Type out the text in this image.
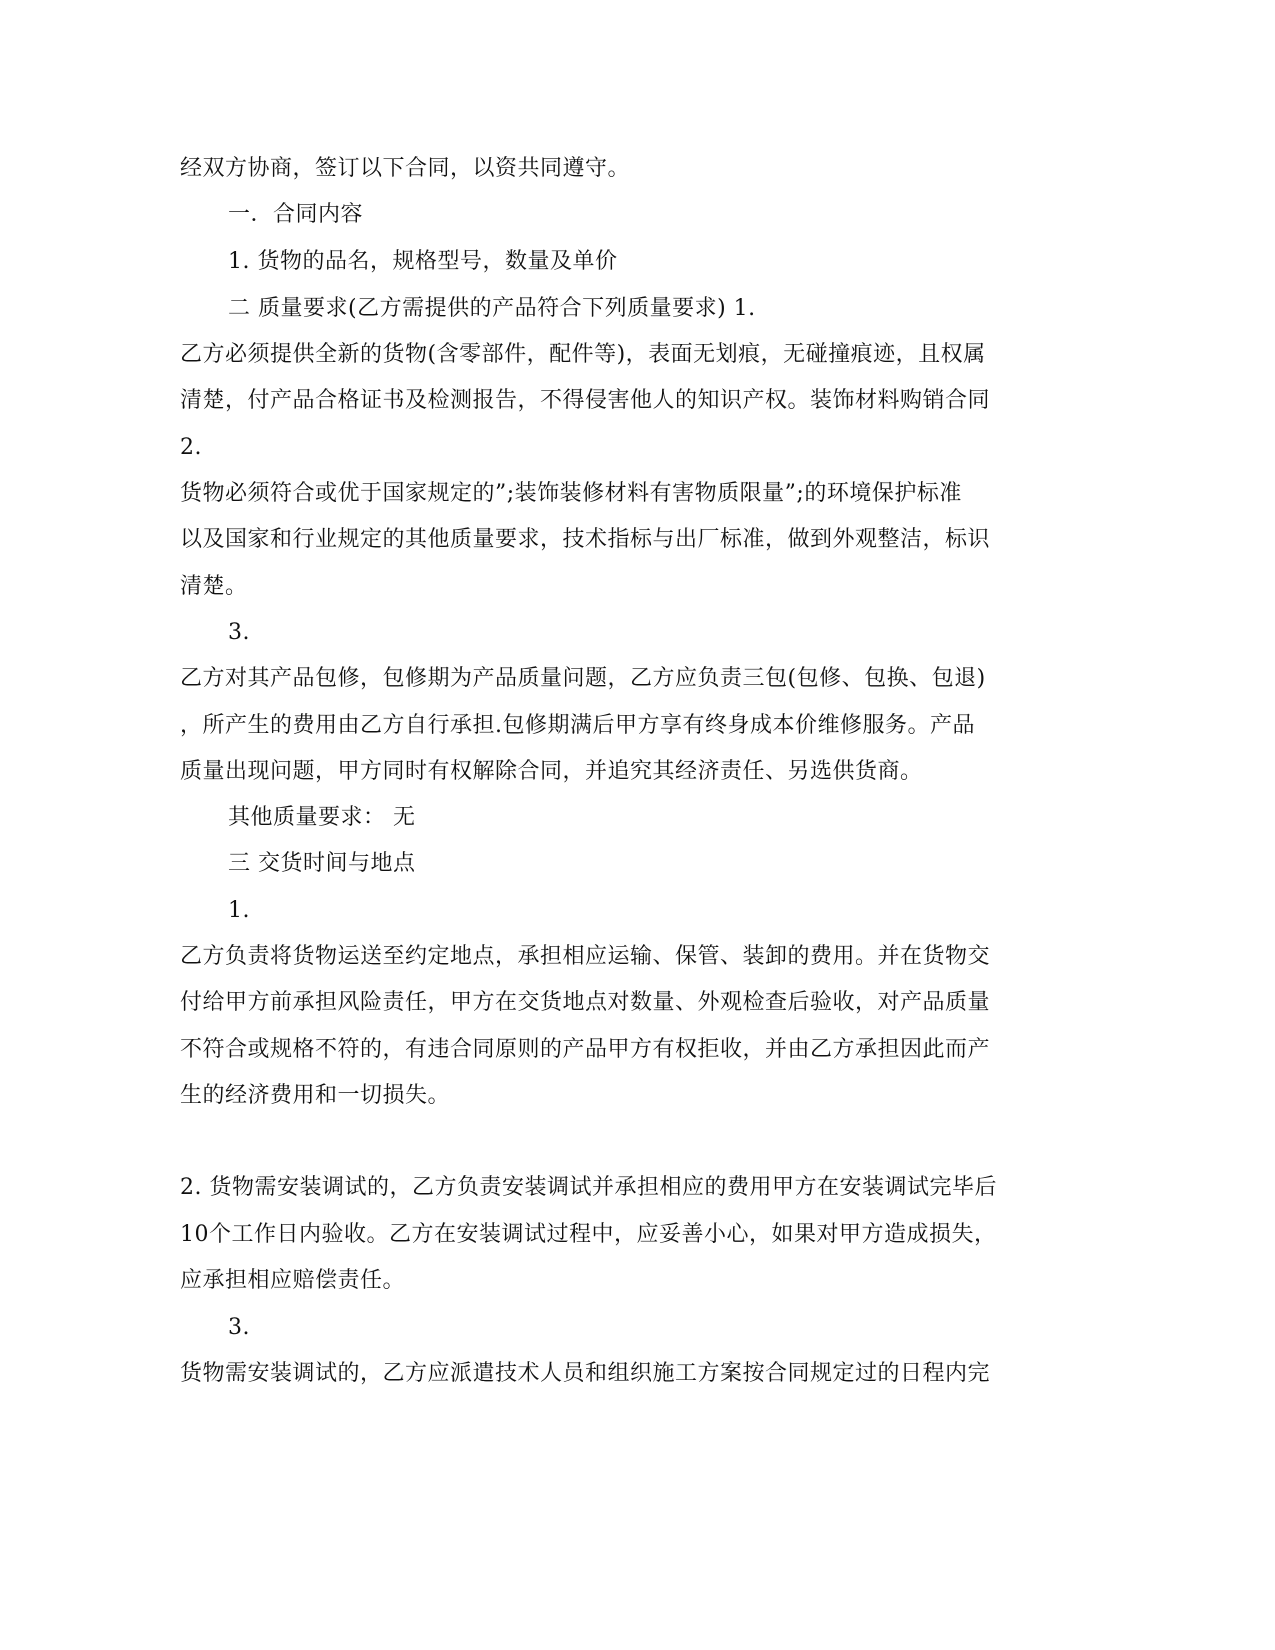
经双方协商，签订以下合同，以资共同遵守。
一．合同内容
1. 货物的品名，规格型号，数量及单价
二 质量要求(乙方需提供的产品符合下列质量要求) 1.
乙方必须提供全新的货物(含零部件，配件等)，表面无划痕，无碰撞痕迹，且权属
清楚，付产品合格证书及检测报告，不得侵害他人的知识产权。装饰材料购销合同
2.
货物必须符合或优于国家规定的”;装饰装修材料有害物质限量”;的环境保护标准
以及国家和行业规定的其他质量要求，技术指标与出厂标准，做到外观整洁，标识
清楚。
3.
乙方对其产品包修，包修期为产品质量问题，乙方应负责三包(包修、包换、包退)
，所产生的费用由乙方自行承担.包修期满后甲方享有终身成本价维修服务。产品
质量出现问题，甲方同时有权解除合同，并追究其经济责任、另选供货商。
其他质量要求： 无
三 交货时间与地点
1.
乙方负责将货物运送至约定地点，承担相应运输、保管、装卸的费用。并在货物交
付给甲方前承担风险责任，甲方在交货地点对数量、外观检查后验收，对产品质量
不符合或规格不符的，有违合同原则的产品甲方有权拒收，并由乙方承担因此而产
生的经济费用和一切损失。
2. 货物需安装调试的，乙方负责安装调试并承担相应的费用甲方在安装调试完毕后
10个工作日内验收。乙方在安装调试过程中，应妥善小心，如果对甲方造成损失，
应承担相应赔偿责任。
3.
货物需安装调试的，乙方应派遣技术人员和组织施工方案按合同规定过的日程内完
